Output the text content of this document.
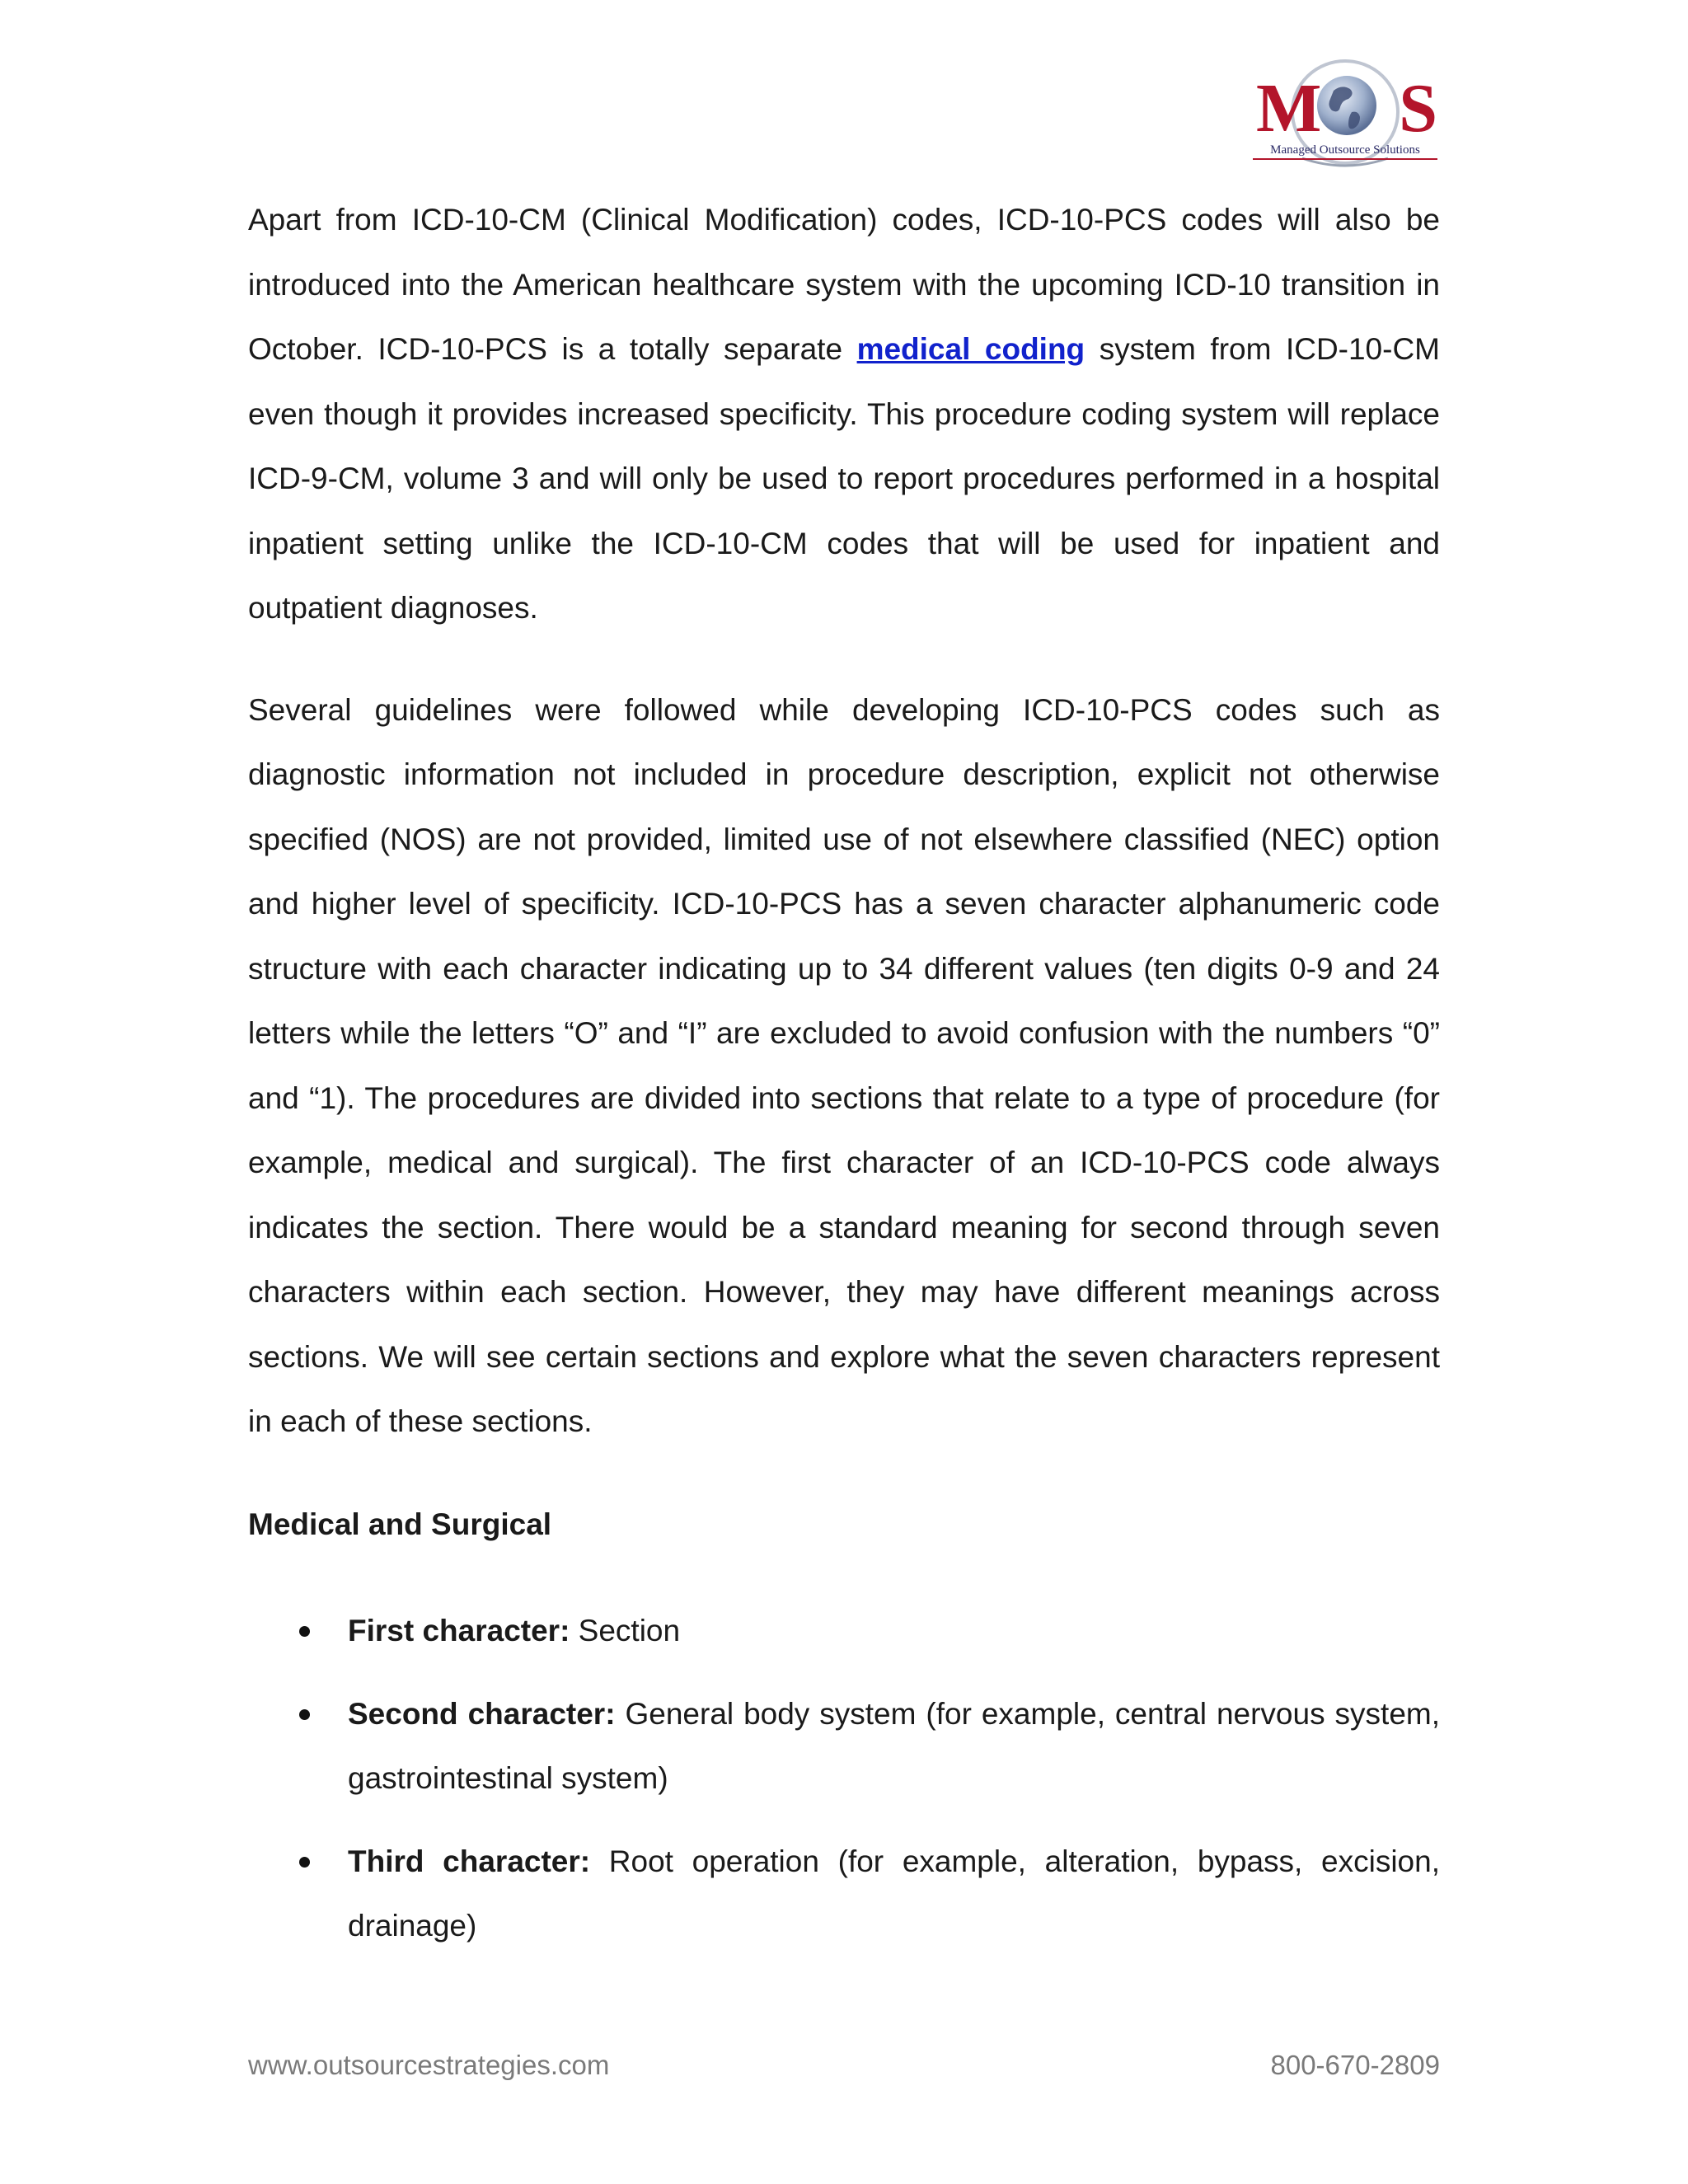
M S
Managed Outsource Solutions

Apart from ICD-10-CM (Clinical Modification) codes, ICD-10-PCS codes will also be introduced into the American healthcare system with the upcoming ICD-10 transition in October. ICD-10-PCS is a totally separate medical coding system from ICD-10-CM even though it provides increased specificity. This procedure coding system will replace ICD-9-CM, volume 3 and will only be used to report procedures performed in a hospital inpatient setting unlike the ICD-10-CM codes that will be used for inpatient and outpatient diagnoses.

Several guidelines were followed while developing ICD-10-PCS codes such as diagnostic information not included in procedure description, explicit not otherwise specified (NOS) are not provided, limited use of not elsewhere classified (NEC) option and higher level of specificity. ICD-10-PCS has a seven character alphanumeric code structure with each character indicating up to 34 different values (ten digits 0-9 and 24 letters while the letters “O” and “I” are excluded to avoid confusion with the numbers “0” and “1). The procedures are divided into sections that relate to a type of procedure (for example, medical and surgical). The first character of an ICD-10-PCS code always indicates the section. There would be a standard meaning for second through seven characters within each section. However, they may have different meanings across sections. We will see certain sections and explore what the seven characters represent in each of these sections.

Medical and Surgical
First character: Section
Second character: General body system (for example, central nervous system, gastrointestinal system)
Third character: Root operation (for example, alteration, bypass, excision, drainage)
www.outsourcestrategies.com	800-670-2809
